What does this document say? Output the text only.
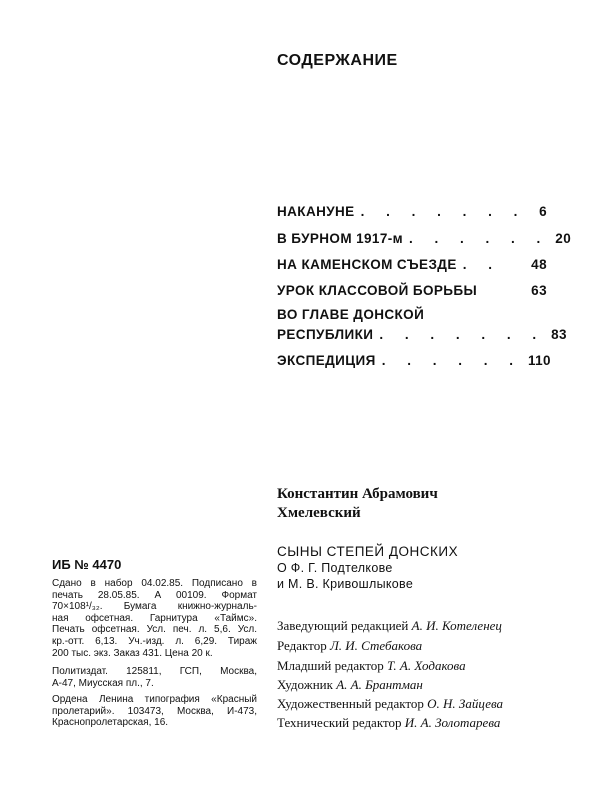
СОДЕРЖАНИЕ
НАКАНУНЕ . . . . . . . 6
В БУРНОМ 1917-м . . . . . . 20
НА КАМЕНСКОМ СЪЕЗДЕ . .	48
УРОК КЛАССОВОЙ БОРЬБЫ	63
ВО ГЛАВЕ ДОНСКОЙ
РЕСПУБЛИКИ . . . . . . . 83
ЭКСПЕДИЦИЯ . . . . . . 110
Константин Абрамович
Хмелевский
СЫНЫ СТЕПЕЙ ДОНСКИХ
О Ф. Г. Подтелкове
и М. В. Кривошлыкове
Заведующий редакцией А. И. Котеленец
Редактор Л. И. Стебакова
Младший редактор Т. А. Ходакова
Художник А. А. Брантман
Художественный редактор О. Н. Зайцева
Технический редактор И. А. Золотарева
ИБ № 4470
Сдано в набор 04.02.85. Подписано в
печать 28.05.85. А 00109. Формат
70×108¹/₃₂. Бумага книжно-журналь-
ная офсетная. Гарнитура «Таймс».
Печать офсетная. Усл. печ. л. 5,6. Усл.
кр.-отт. 6,13. Уч.-изд. л. 6,29. Тираж
200 тыс. экз. Заказ 431. Цена 20 к.
Политиздат. 125811, ГСП, Москва,
А-47, Миусская пл., 7.
Ордена Ленина типография «Красный
пролетарий». 103473, Москва, И-473,
Краснопролетарская, 16.
